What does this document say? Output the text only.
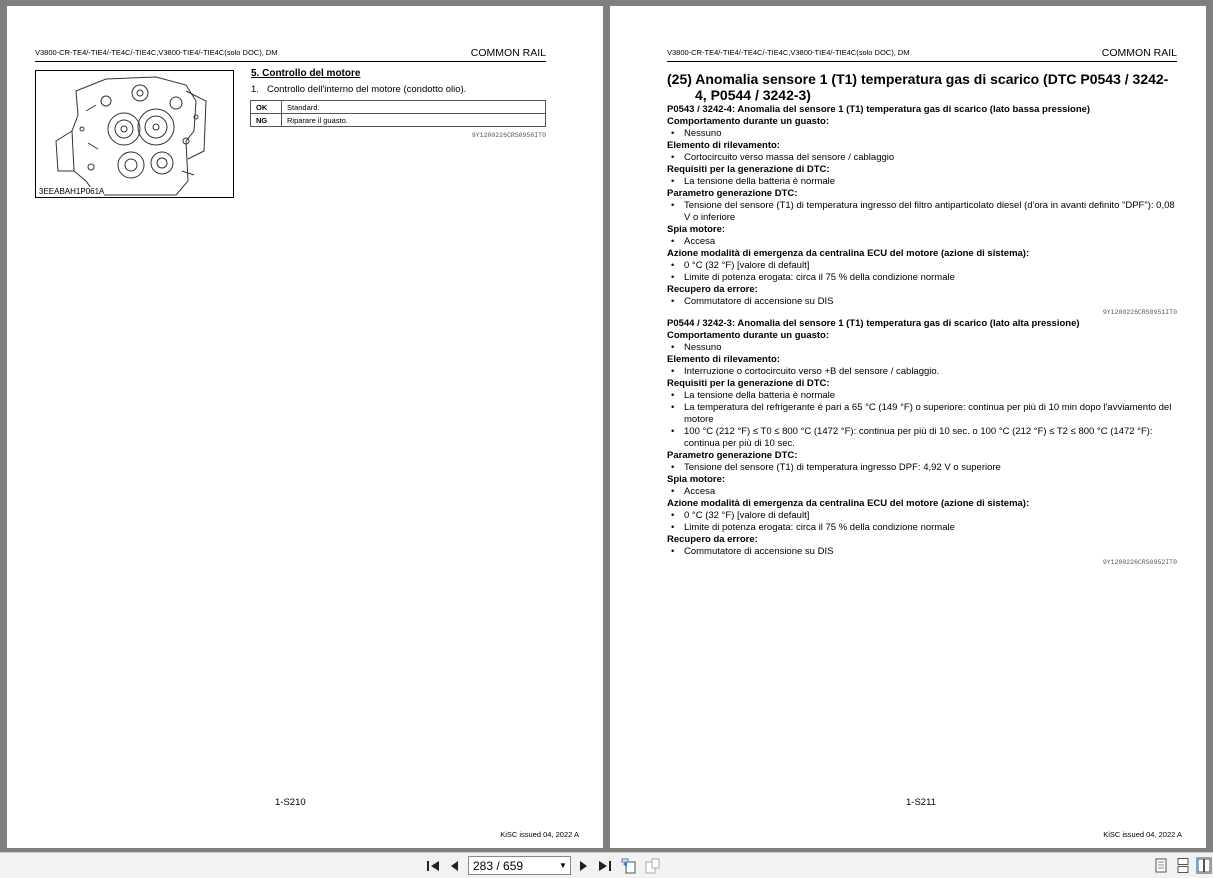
V3800-CR-TE4/-TIE4/-TE4C/-TIE4C,V3800-TIE4/-TIE4C(solo DOC), DM	COMMON RAIL
3EEABAH1P061A
5. Controllo del motore
1. Controllo dell'interno del motore (condotto olio).
OK	Standard.
NG	Riparare il guasto.
9Y1200226CRS0950IT0
1-S210
KiSC issued 04, 2022 A
V3800-CR-TE4/-TIE4/-TE4C/-TIE4C,V3800-TIE4/-TIE4C(solo DOC), DM	COMMON RAIL
(25) Anomalia sensore 1 (T1) temperatura gas di scarico (DTC P0543 / 3242-4, P0544 / 3242-3)
P0543 / 3242-4: Anomalia del sensore 1 (T1) temperatura gas di scarico (lato bassa pressione)
Comportamento durante un guasto:
• Nessuno
Elemento di rilevamento:
• Cortocircuito verso massa del sensore / cablaggio
Requisiti per la generazione di DTC:
• La tensione della batteria è normale
Parametro generazione DTC:
• Tensione del sensore (T1) di temperatura ingresso del filtro antiparticolato diesel (d'ora in avanti definito "DPF"): 0,08 V o inferiore
Spia motore:
• Accesa
Azione modalità di emergenza da centralina ECU del motore (azione di sistema):
• 0 °C (32 °F) [valore di default]
• Limite di potenza erogata: circa il 75 % della condizione normale
Recupero da errore:
• Commutatore di accensione su DIS
9Y1200226CRS0951IT0
P0544 / 3242-3: Anomalia del sensore 1 (T1) temperatura gas di scarico (lato alta pressione)
Comportamento durante un guasto:
• Nessuno
Elemento di rilevamento:
• Interruzione o cortocircuito verso +B del sensore / cablaggio.
Requisiti per la generazione di DTC:
• La tensione della batteria è normale
• La temperatura del refrigerante è pari a 65 °C (149 °F) o superiore: continua per più di 10 min dopo l'avviamento del motore
• 100 °C (212 °F) ≤ T0 ≤ 800 °C (1472 °F): continua per più di 10 sec. o 100 °C (212 °F) ≤ T2 ≤ 800 °C (1472 °F): continua per più di 10 sec.
Parametro generazione DTC:
• Tensione del sensore (T1) di temperatura ingresso DPF: 4,92 V o superiore
Spia motore:
• Accesa
Azione modalità di emergenza da centralina ECU del motore (azione di sistema):
• 0 °C (32 °F) [valore di default]
• Limite di potenza erogata: circa il 75 % della condizione normale
Recupero da errore:
• Commutatore di accensione su DIS
9Y1200226CRS0952IT0
1-S211
KiSC issued 04, 2022 A
283 / 659	▼
